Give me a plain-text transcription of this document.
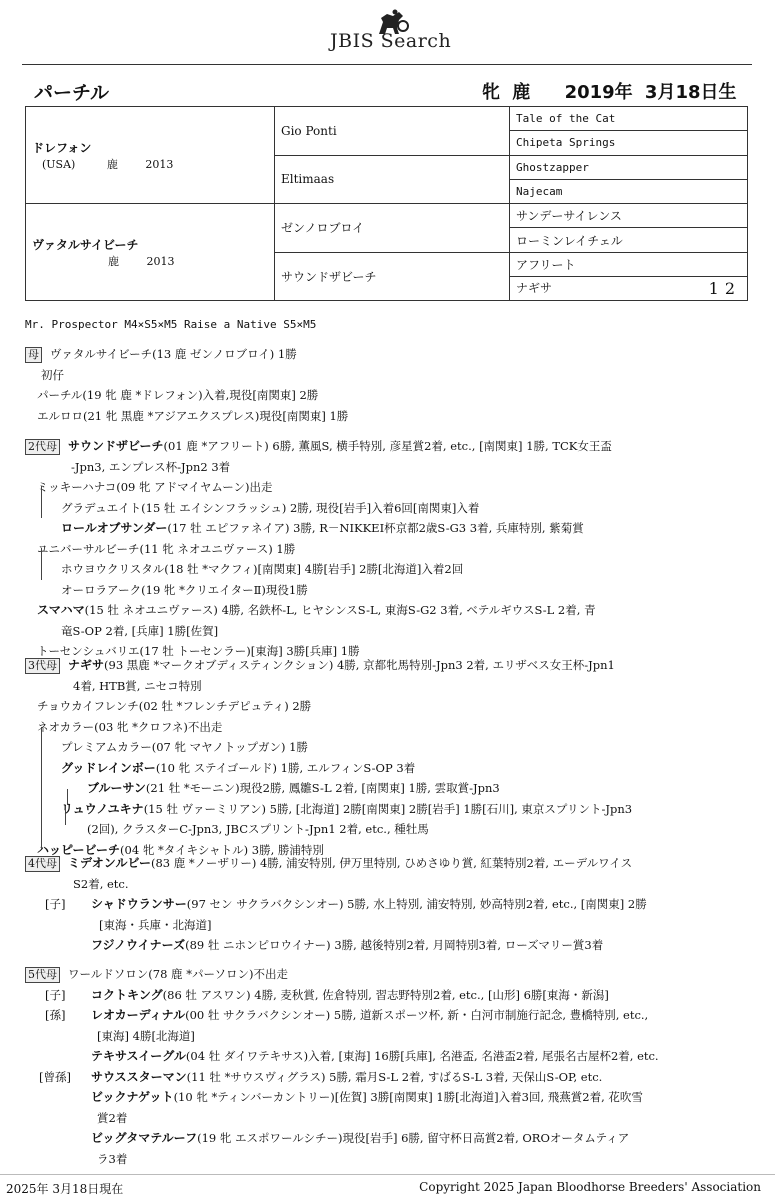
JBIS Search
パーチル	牝 鹿 2019年 3月18日生
ドレフォン
(USA) 鹿 2013	Gio Ponti	Tale of the Cat
		Chipeta Springs
	Eltimaas	Ghostzapper
		Najecam

ヴァタルサイビーチ
鹿 2013	ゼンノロブロイ	サンデーサイレンス
		ローミンレイチェル
	サウンドザビーチ	アフリート
		ナギサ 12
Mr. Prospector M4×S5×M5 Raise a Native S5×M5
母 ヴァタルサイビーチ(13 鹿 ゼンノロブロイ) 1勝
初仔
パーチル(19 牝 鹿 *ドレフォン)入着,現役[南関東] 2勝
エルロロ(21 牝 黒鹿 *アジアエクスプレス)現役[南関東] 1勝
2代母 サウンドザビーチ(01 鹿 *アフリート) 6勝, 薫風S, 横手特別, 彦星賞2着, etc., [南関東] 1勝, TCK女王盃
-Jpn3, エンプレス杯-Jpn2 3着
ミッキーハナコ(09 牝 アドマイヤムーン)出走
グラデュエイト(15 牡 エイシンフラッシュ) 2勝, 現役[岩手]入着6回[南関東]入着
ロールオブサンダー(17 牡 エピファネイア) 3勝, R－NIKKEI杯京都2歳S-G3 3着, 兵庫特別, 紫菊賞
ユニバーサルビーチ(11 牝 ネオユニヴァース) 1勝
ホウヨウクリスタル(18 牡 *マクフィ)[南関東] 4勝[岩手] 2勝[北海道]入着2回
オーロラアーク(19 牝 *クリエイターⅡ)現役1勝
スマハマ(15 牡 ネオユニヴァース) 4勝, 名鉄杯-L, ヒヤシンスS-L, 東海S-G2 3着, ベテルギウスS-L 2着, 青
竜S-OP 2着, [兵庫] 1勝[佐賀]
トーセンシュバリエ(17 牡 トーセンラー)[東海] 3勝[兵庫] 1勝
3代母 ナギサ(93 黒鹿 *マークオブディスティンクション) 4勝, 京都牝馬特別-Jpn3 2着, エリザベス女王杯-Jpn1
4着, HTB賞, ニセコ特別
チョウカイフレンチ(02 牡 *フレンチデピュティ) 2勝
ネオカラー(03 牝 *クロフネ)不出走
プレミアムカラー(07 牝 マヤノトップガン) 1勝
グッドレインボー(10 牝 ステイゴールド) 1勝, エルフィンS-OP 3着
ブルーサン(21 牡 *モーニン)現役2勝, 鳳雛S-L 2着, [南関東] 1勝, 雲取賞-Jpn3
リュウノユキナ(15 牡 ヴァーミリアン) 5勝, [北海道] 2勝[南関東] 2勝[岩手] 1勝[石川], 東京スプリント-Jpn3
(2回), クラスターC-Jpn3, JBCスプリント-Jpn1 2着, etc., 種牡馬
ハッピービーチ(04 牝 *タイキシャトル) 3勝, 勝浦特別
4代母 ミデオンルビー(83 鹿 *ノーザリー) 4勝, 浦安特別, 伊万里特別, ひめさゆり賞, 紅葉特別2着, エーデルワイス
S2着, etc.
[子] シャドウランサー(97 セン サクラバクシンオー) 5勝, 水上特別, 浦安特別, 妙高特別2着, etc., [南関東] 2勝
[東海・兵庫・北海道]
フジノウイナーズ(89 牡 ニホンピロウイナー) 3勝, 越後特別2着, 月岡特別3着, ローズマリー賞3着
5代母 ワールドソロン(78 鹿 *パーソロン)不出走
[子] コクトキング(86 牡 アスワン) 4勝, 麦秋賞, 佐倉特別, 習志野特別2着, etc., [山形] 6勝[東海・新潟]
[孫] レオカーディナル(00 牡 サクラバクシンオー) 5勝, 道新スポーツ杯, 新・白河市制施行記念, 豊橋特別, etc.,
[東海] 4勝[北海道]
テキサスイーグル(04 牡 ダイワテキサス)入着, [東海] 16勝[兵庫], 名港盃, 名港盃2着, 尾張名古屋杯2着, etc.
[曾孫] サウススターマン(11 牡 *サウスヴィグラス) 5勝, 霜月S-L 2着, すばるS-L 3着, 天保山S-OP, etc.
ビックナゲット(10 牝 *ティンバーカントリー)[佐賀] 3勝[南関東] 1勝[北海道]入着3回, 飛燕賞2着, 花吹雪
賞2着
ビッグタマテルーフ(19 牝 エスポワールシチー)現役[岩手] 6勝, 留守杯日高賞2着, OROオータムティア
ラ3着
2025年 3月18日現在	Copyright 2025 Japan Bloodhorse Breeders' Association
